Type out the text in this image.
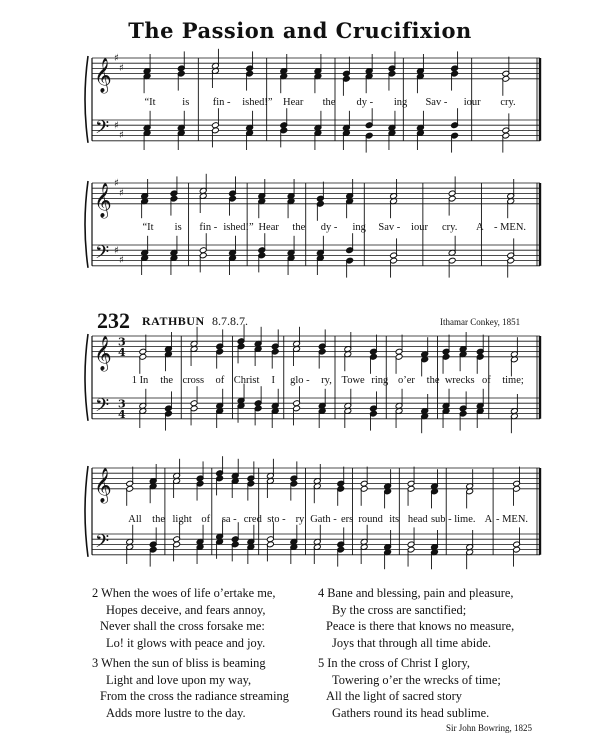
The Passion and Crucifixion
𝄞
𝄢
♯
♯
♯
♯
𝄞
𝄢
♯
♯
♯
♯
𝄞
𝄢
3
4
3
4
𝄞
𝄢
232 RATHBUN 8.7.8.7.	Ithamar Conkey, 1851
“It	is fin - ished!” Hear the dy - ing Sav - iour cry.
“It is fin - ished!” Hear the dy - ing Sav - iour cry. A - MEN.
1 In the cross of Christ I glo - ry, Towe ring o’er the wrecks of time;
All the light of sa - cred sto - ry Gath - ers round its head sub - lime. A - MEN.
2 When the woes of life o’ertake me,
Hopes deceive, and fears annoy,
Never shall the cross forsake me:
Lo! it glows with peace and joy.
4 Bane and blessing, pain and pleasure,
By the cross are sanctified;
Peace is there that knows no measure,
Joys that through all time abide.
3 When the sun of bliss is beaming
Light and love upon my way,
From the cross the radiance streaming
Adds more lustre to the day.
5 In the cross of Christ I glory,
Towering o’er the wrecks of time;
All the light of sacred story
Gathers round its head sublime.
Sir John Bowring, 1825
